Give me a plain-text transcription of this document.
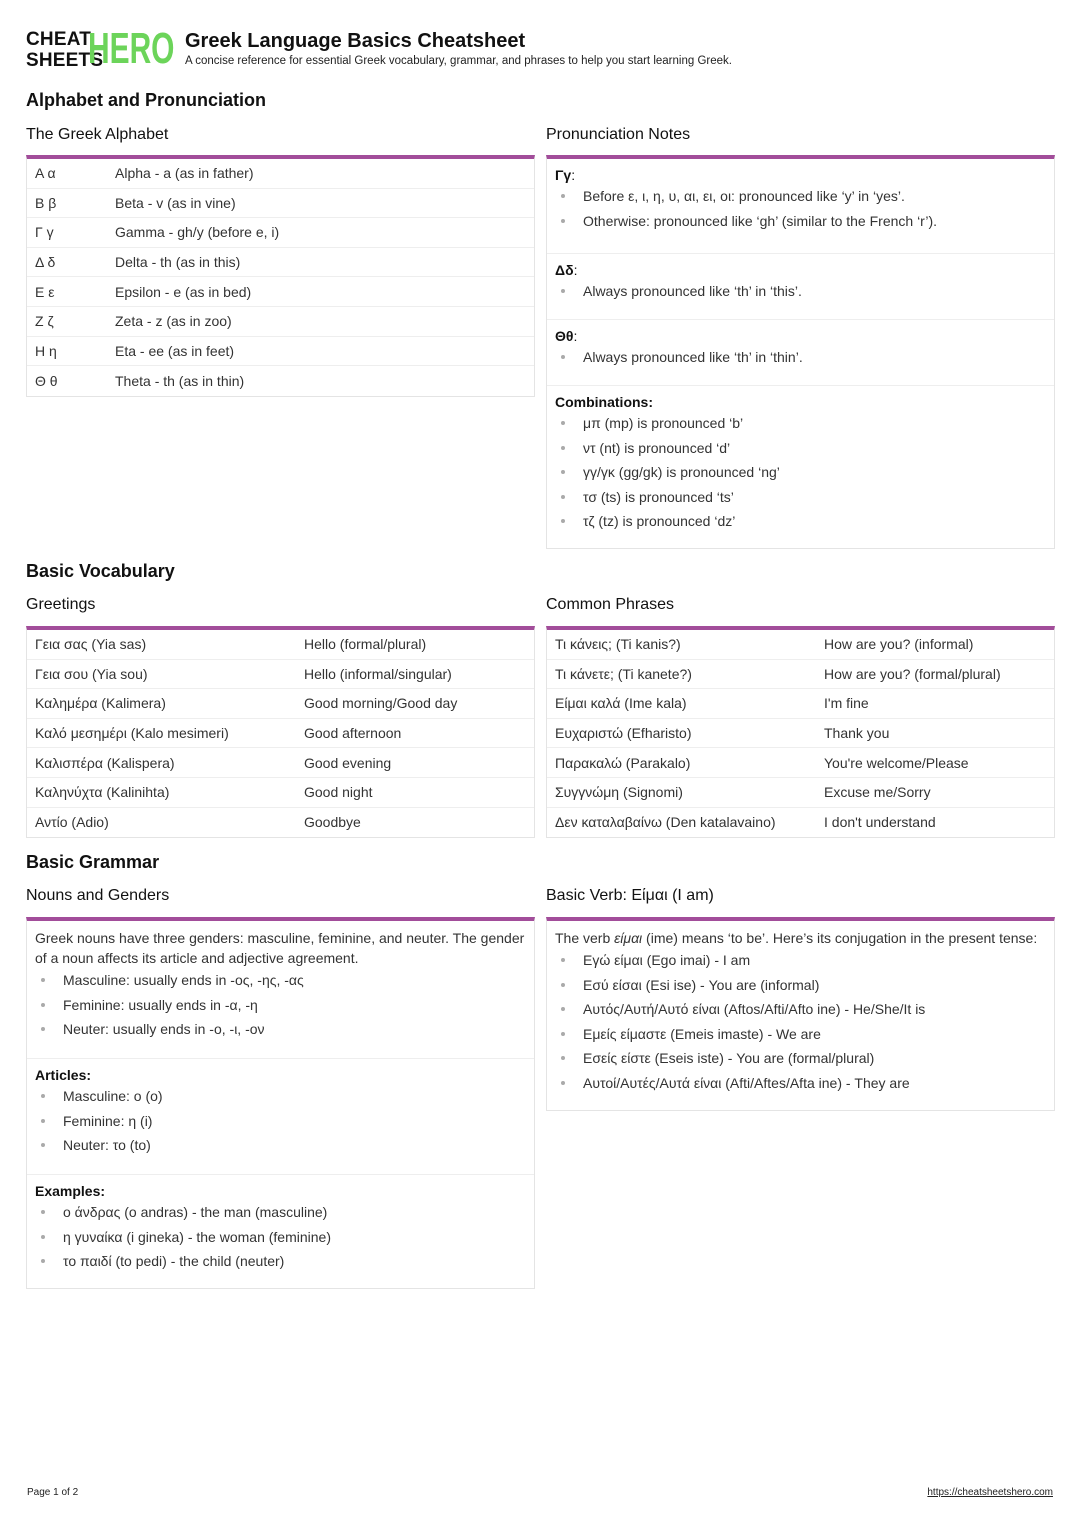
CHEAT
SHEETS
HERO Greek Language Basics Cheatsheet
A concise reference for essential Greek vocabulary, grammar, and phrases to help you start learning Greek.
Alphabet and Pronunciation
The Greek Alphabet	Pronunciation Notes
Α α	Alpha - a (as in father)
Β β	Beta - v (as in vine)
Γ γ	Gamma - gh/y (before e, i)
Δ δ	Delta - th (as in this)
Ε ε	Epsilon - e (as in bed)
Ζ ζ	Zeta - z (as in zoo)
Η η	Eta - ee (as in feet)
Θ θ	Theta - th (as in thin)
Γγ:
Before ε, ι, η, υ, αι, ει, οι: pronounced like ‘y’ in ‘yes’.
Otherwise: pronounced like ‘gh’ (similar to the French ‘r’).
Δδ:
Always pronounced like ‘th’ in ‘this’.
Θθ:
Always pronounced like ‘th’ in ‘thin’.
Combinations:
μπ (mp) is pronounced ‘b’
ντ (nt) is pronounced ‘d’
γγ/γκ (gg/gk) is pronounced ‘ng’
τσ (ts) is pronounced ‘ts’
τζ (tz) is pronounced ‘dz’
Basic Vocabulary
Greetings	Common Phrases
Γεια σας (Yia sas)	Hello (formal/plural)
Γεια σου (Yia sou)	Hello (informal/singular)
Καλημέρα (Kalimera)	Good morning/Good day
Καλό μεσημέρι (Kalo mesimeri)	Good afternoon
Καλισπέρα (Kalispera)	Good evening
Καληνύχτα (Kalinihta)	Good night
Αντίο (Adio)	Goodbye
Τι κάνεις; (Ti kanis?)	How are you? (informal)
Τι κάνετε; (Ti kanete?)	How are you? (formal/plural)
Είμαι καλά (Ime kala)	I'm fine
Ευχαριστώ (Efharisto)	Thank you
Παρακαλώ (Parakalo)	You're welcome/Please
Συγγνώμη (Signomi)	Excuse me/Sorry
Δεν καταλαβαίνω (Den katalavaino)	I don't understand
Basic Grammar
Nouns and Genders	Basic Verb: Είμαι (I am)
Greek nouns have three genders: masculine, feminine, and neuter. The gender of a noun affects its article and adjective agreement.
Masculine: usually ends in -ος, -ης, -ας
Feminine: usually ends in -α, -η
Neuter: usually ends in -ο, -ι, -ον
Articles:
Masculine: ο (o)
Feminine: η (i)
Neuter: το (to)
Examples:
ο άνδρας (o andras) - the man (masculine)
η γυναίκα (i gineka) - the woman (feminine)
το παιδί (to pedi) - the child (neuter)
The verb είμαι (ime) means ‘to be’. Here’s its conjugation in the present tense:
Εγώ είμαι (Ego imai) - I am
Εσύ είσαι (Esi ise) - You are (informal)
Αυτός/Αυτή/Αυτό είναι (Aftos/Afti/Afto ine) - He/She/It is
Εμείς είμαστε (Emeis imaste) - We are
Εσείς είστε (Eseis iste) - You are (formal/plural)
Αυτοί/Αυτές/Αυτά είναι (Afti/Aftes/Afta ine) - They are
Page 1 of 2	https://cheatsheetshero.com
